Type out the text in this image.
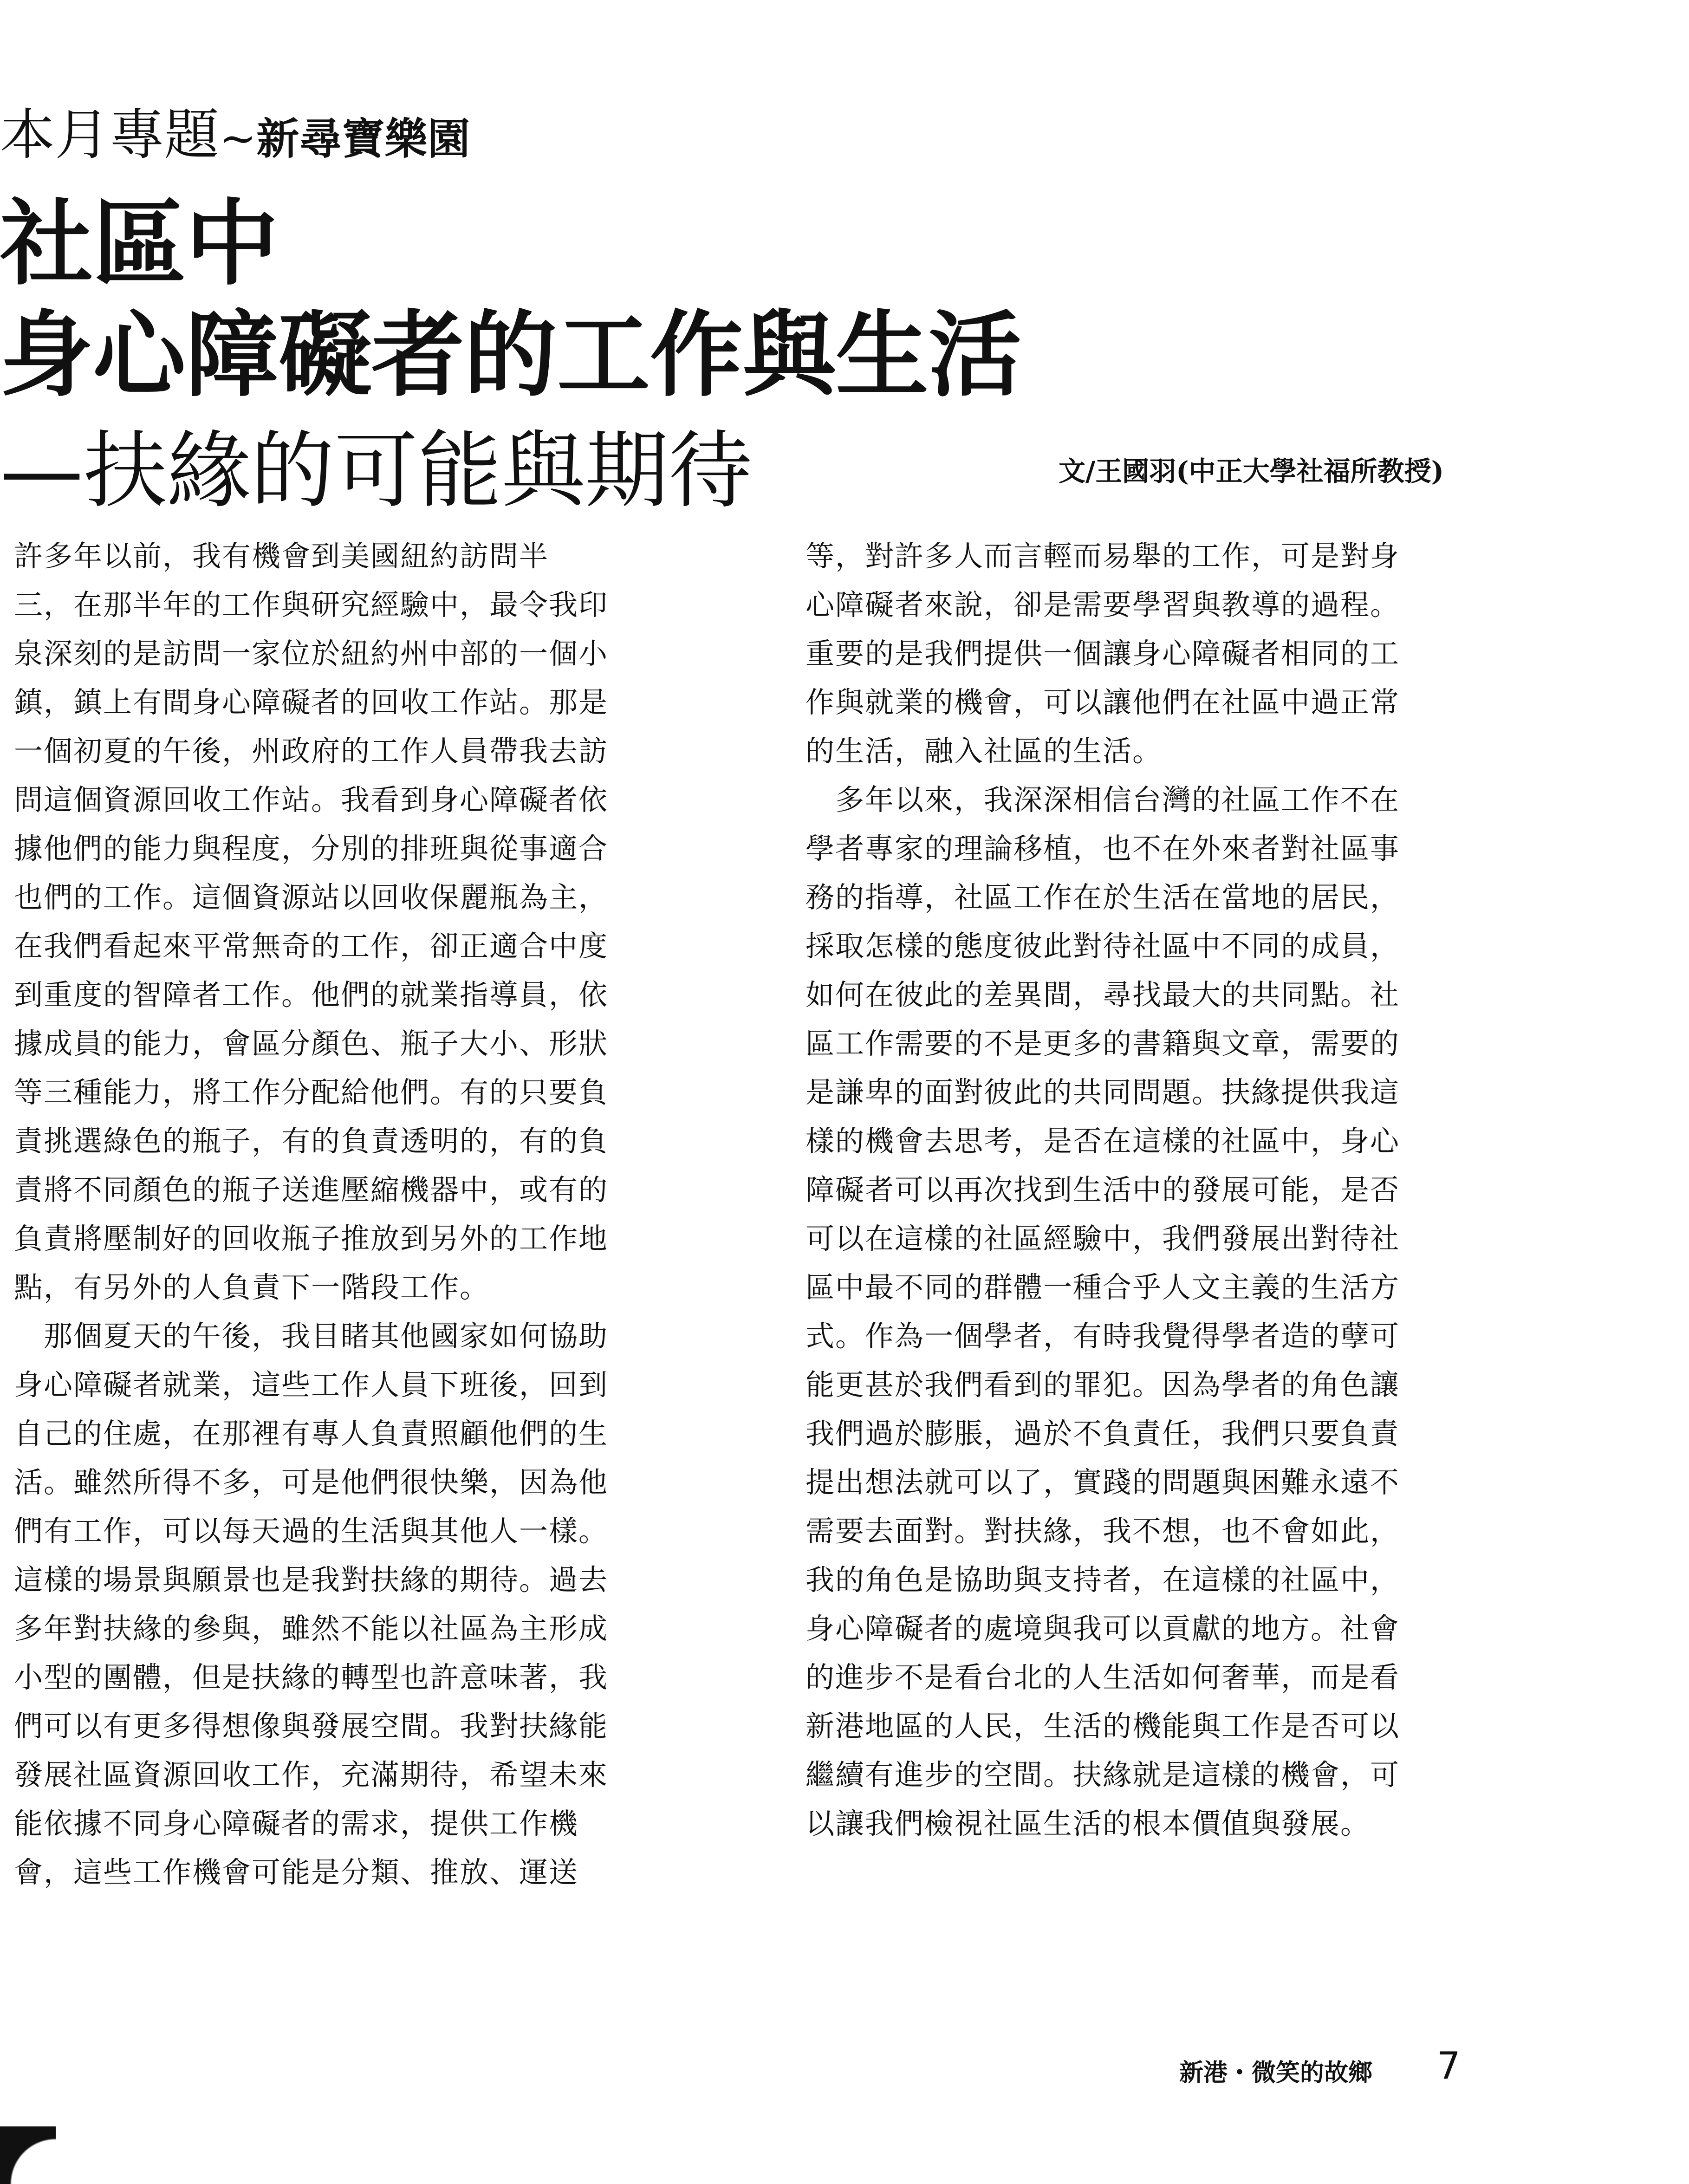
本月專題~新尋寶樂園
社區中
身心障礙者的工作與生活
—扶緣的可能與期待	文/王國羽(中正大學社福所教授)
許多年以前，我有機會到美國紐約訪問半
三，在那半年的工作與研究經驗中，最令我印
泉深刻的是訪問一家位於紐約州中部的一個小
鎮，鎮上有間身心障礙者的回收工作站。那是
一個初夏的午後，州政府的工作人員帶我去訪
問這個資源回收工作站。我看到身心障礙者依
據他們的能力與程度，分別的排班與從事適合
也們的工作。這個資源站以回收保麗瓶為主，
在我們看起來平常無奇的工作，卻正適合中度
到重度的智障者工作。他們的就業指導員，依
據成員的能力，會區分顏色、瓶子大小、形狀
等三種能力，將工作分配給他們。有的只要負
責挑選綠色的瓶子，有的負責透明的，有的負
責將不同顏色的瓶子送進壓縮機器中，或有的
負責將壓制好的回收瓶子推放到另外的工作地
點，有另外的人負責下一階段工作。
　那個夏天的午後，我目睹其他國家如何協助
身心障礙者就業，這些工作人員下班後，回到
自己的住處，在那裡有專人負責照顧他們的生
活。雖然所得不多，可是他們很快樂，因為他
們有工作，可以每天過的生活與其他人一樣。
這樣的場景與願景也是我對扶緣的期待。過去
多年對扶緣的參與，雖然不能以社區為主形成
小型的團體，但是扶緣的轉型也許意味著，我
們可以有更多得想像與發展空間。我對扶緣能
發展社區資源回收工作，充滿期待，希望未來
能依據不同身心障礙者的需求，提供工作機
會，這些工作機會可能是分類、推放、運送
等，對許多人而言輕而易舉的工作，可是對身
心障礙者來說，卻是需要學習與教導的過程。
重要的是我們提供一個讓身心障礙者相同的工
作與就業的機會，可以讓他們在社區中過正常
的生活，融入社區的生活。
　多年以來，我深深相信台灣的社區工作不在
學者專家的理論移植，也不在外來者對社區事
務的指導，社區工作在於生活在當地的居民，
採取怎樣的態度彼此對待社區中不同的成員，
如何在彼此的差異間，尋找最大的共同點。社
區工作需要的不是更多的書籍與文章，需要的
是謙卑的面對彼此的共同問題。扶緣提供我這
樣的機會去思考，是否在這樣的社區中，身心
障礙者可以再次找到生活中的發展可能，是否
可以在這樣的社區經驗中，我們發展出對待社
區中最不同的群體一種合乎人文主義的生活方
式。作為一個學者，有時我覺得學者造的孽可
能更甚於我們看到的罪犯。因為學者的角色讓
我們過於膨脹，過於不負責任，我們只要負責
提出想法就可以了，實踐的問題與困難永遠不
需要去面對。對扶緣，我不想，也不會如此，
我的角色是協助與支持者，在這樣的社區中，
身心障礙者的處境與我可以貢獻的地方。社會
的進步不是看台北的人生活如何奢華，而是看
新港地區的人民，生活的機能與工作是否可以
繼續有進步的空間。扶緣就是這樣的機會，可
以讓我們檢視社區生活的根本價值與發展。
新港・微笑的故鄉 7
